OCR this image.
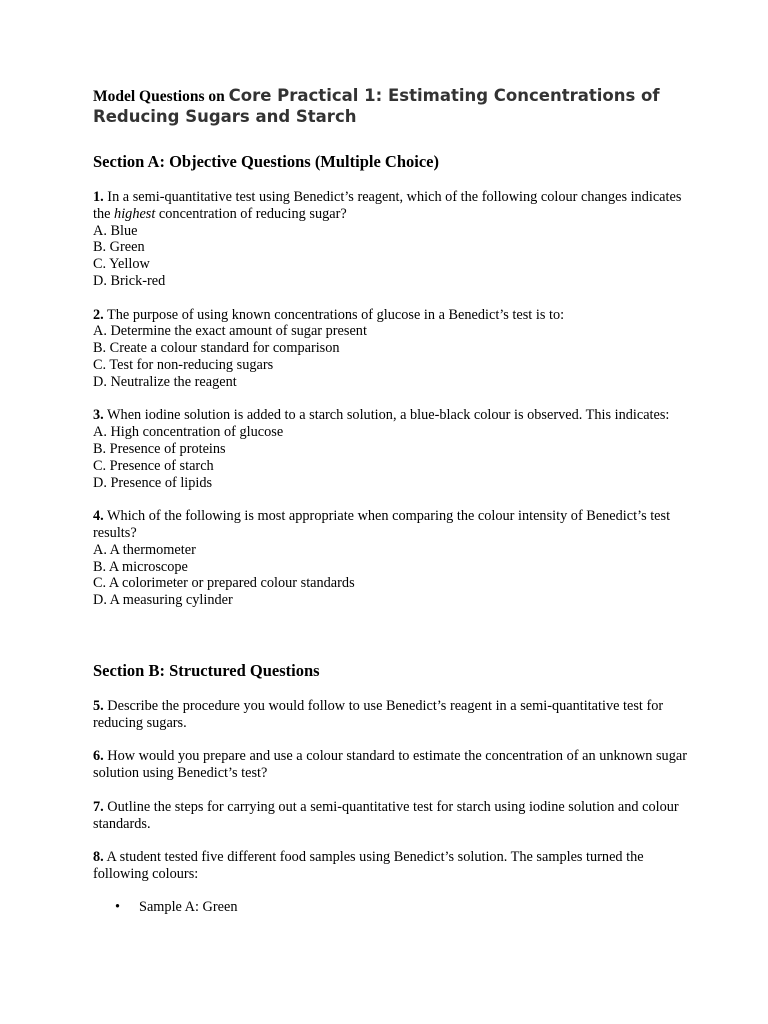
Model Questions on Core Practical 1: Estimating Concentrations of Reducing Sugars and Starch
Section A: Objective Questions (Multiple Choice)

1. In a semi-quantitative test using Benedict’s reagent, which of the following colour changes indicates the highest concentration of reducing sugar?

A. Blue
B. Green
C. Yellow
D. Brick-red

2. The purpose of using known concentrations of glucose in a Benedict’s test is to:

A. Determine the exact amount of sugar present
B. Create a colour standard for comparison
C. Test for non-reducing sugars
D. Neutralize the reagent

3. When iodine solution is added to a starch solution, a blue-black colour is observed. This indicates:

A. High concentration of glucose
B. Presence of proteins
C. Presence of starch
D. Presence of lipids

4. Which of the following is most appropriate when comparing the colour intensity of Benedict’s test results?

A. A thermometer
B. A microscope
C. A colorimeter or prepared colour standards
D. A measuring cylinder
Section B: Structured Questions

5. Describe the procedure you would follow to use Benedict’s reagent in a semi-quantitative test for reducing sugars.

6. How would you prepare and use a colour standard to estimate the concentration of an unknown sugar solution using Benedict’s test?

7. Outline the steps for carrying out a semi-quantitative test for starch using iodine solution and colour standards.

8. A student tested five different food samples using Benedict’s solution. The samples turned the following colours:

• Sample A: Green
